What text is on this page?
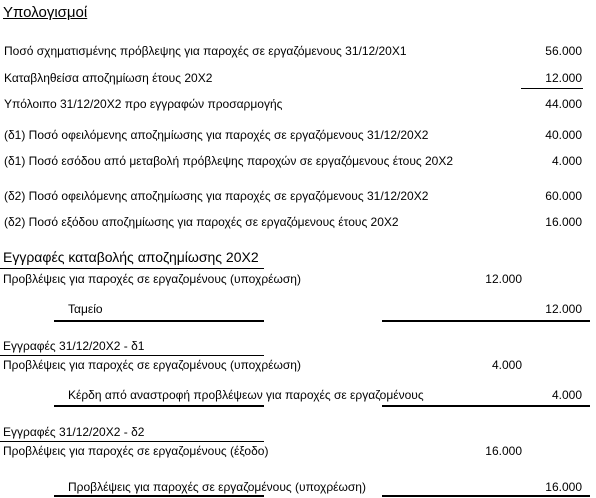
Υπολογισμοί
Ποσό σχηματισμένης πρόβλεψης για παροχές σε εργαζόμενους 31/12/20Χ1	56.000
Καταβληθείσα αποζημίωση έτους 20Χ2	12.000
Υπόλοιπο 31/12/20Χ2 προ εγγραφών προσαρμογής	44.000
(δ1) Ποσό οφειλόμενης αποζημίωσης για παροχές σε εργαζόμενους 31/12/20Χ2	40.000
(δ1) Ποσό εσόδου από μεταβολή πρόβλεψης παροχών σε εργαζόμενους έτους 20Χ2	4.000
(δ2) Ποσό οφειλόμενης αποζημίωσης για παροχές σε εργαζόμενους 31/12/20Χ2	60.000
(δ2) Ποσό εξόδου αποζημίωσης για παροχές σε εργαζόμενους έτους 20Χ2	16.000
Εγγραφές καταβολής αποζημίωσης 20Χ2
Προβλέψεις για παροχές σε εργαζομένους (υποχρέωση)	12.000
Ταμείο	12.000
Εγγραφές 31/12/20Χ2 - δ1
Προβλέψεις για παροχές σε εργαζομένους (υποχρέωση)	4.000
Κέρδη από αναστροφή προβλέψεων για παροχές σε εργαζομένους	4.000
Εγγραφές 31/12/20Χ2 - δ2
Προβλέψεις για παροχές σε εργαζομένους (έξοδο)	16.000
Προβλέψεις για παροχές σε εργαζομένους (υποχρέωση)	16.000
